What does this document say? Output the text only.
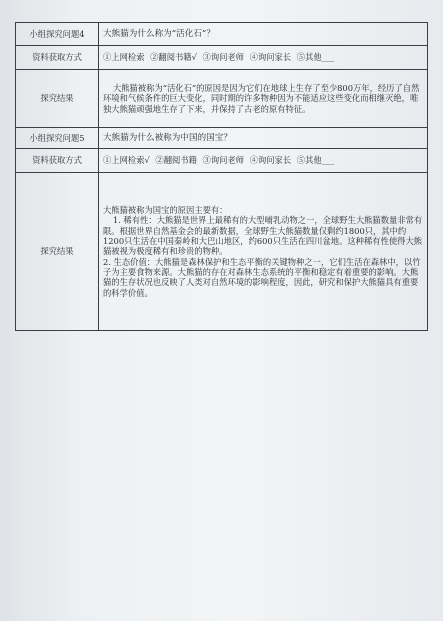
小组探究问题4	大熊猫为什么称为“活化石”？
资料获取方式	①上网检索 ②翻阅书籍√ ③询问老师 ④询问家长 ⑤其他___
探究结果	大熊猫被称为“活化石”的原因是因为它们在地球上生存了至少800万年，经历了自然环境和气候条件的巨大变化，同时期的许多物种因为不能适应这些变化而相继灭绝，唯独大熊猫顽强地生存了下来，并保持了古老的原有特征。
小组探究问题5	大熊猫为什么被称为中国的国宝？
资料获取方式	①上网检索√ ②翻阅书籍 ③询问老师 ④询问家长 ⑤其他___
探究结果	大熊猫被称为国宝的原因主要有：

1. 稀有性：大熊猫是世界上最稀有的大型哺乳动物之一，全球野生大熊猫数量非常有限。根据世界自然基金会的最新数据，全球野生大熊猫数量仅剩约1800只，其中约1200只生活在中国秦岭和大巴山地区，约600只生活在四川盆地。这种稀有性使得大熊猫被视为极度稀有和珍贵的物种。

2. 生态价值：大熊猫是森林保护和生态平衡的关键物种之一，它们生活在森林中，以竹子为主要食物来源。大熊猫的存在对森林生态系统的平衡和稳定有着重要的影响。大熊猫的生存状况也反映了人类对自然环境的影响程度，因此，研究和保护大熊猫具有重要的科学价值。
